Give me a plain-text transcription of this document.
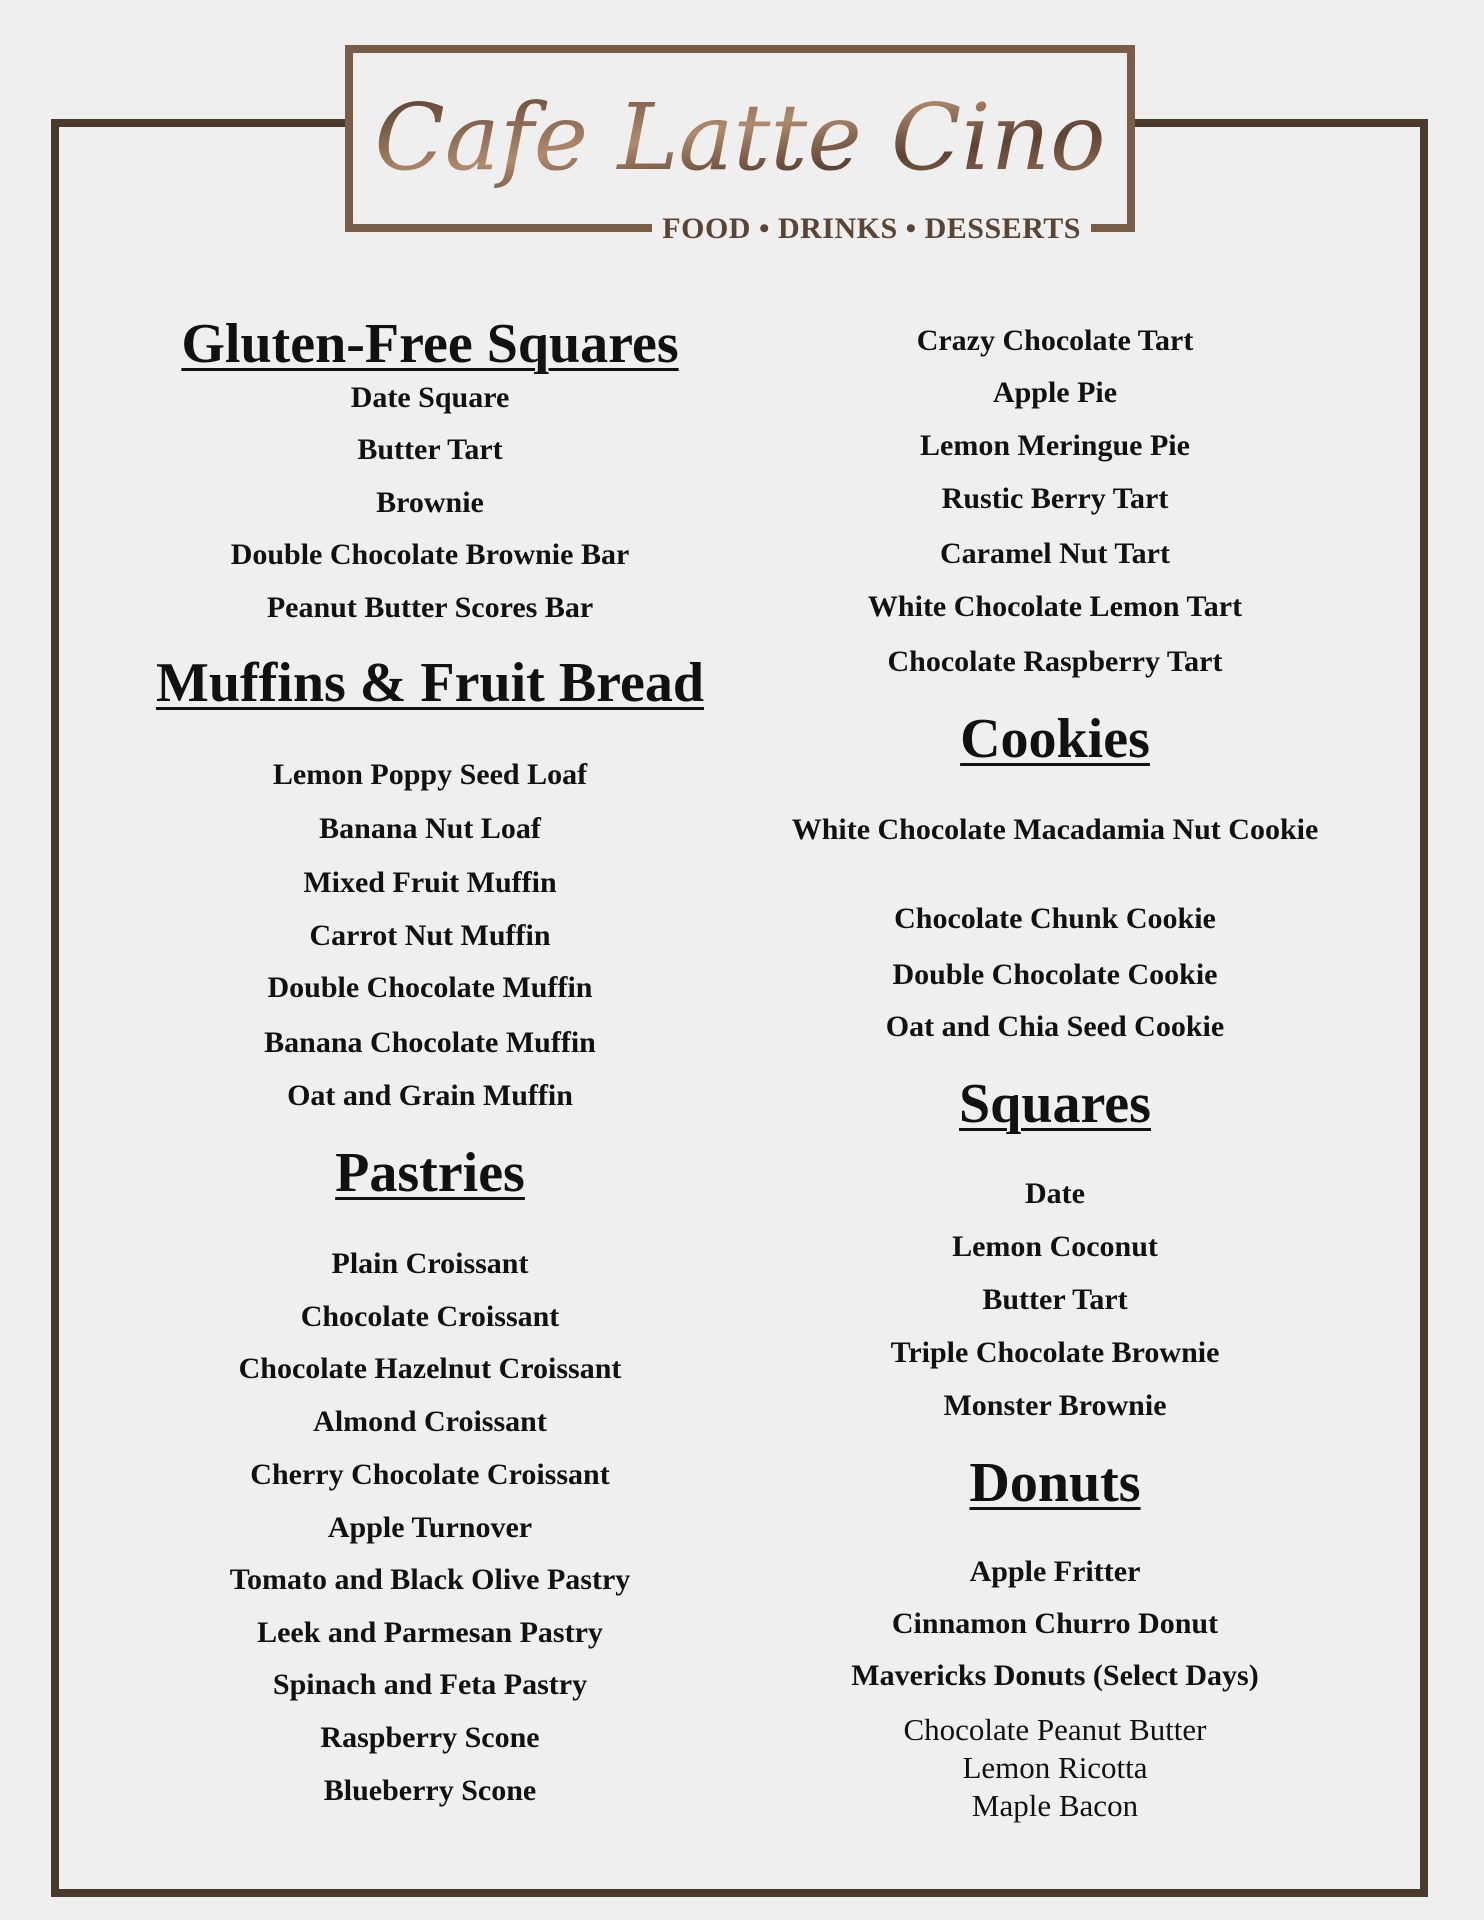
Cafe Latte Cino
FOOD • DRINKS • DESSERTS
Gluten-Free Squares
Date Square
Butter Tart
Brownie
Double Chocolate Brownie Bar
Peanut Butter Scores Bar
Muffins & Fruit Bread
Lemon Poppy Seed Loaf
Banana Nut Loaf
Mixed Fruit Muffin
Carrot Nut Muffin
Double Chocolate Muffin
Banana Chocolate Muffin
Oat and Grain Muffin
Pastries
Plain Croissant
Chocolate Croissant
Chocolate Hazelnut Croissant
Almond Croissant
Cherry Chocolate Croissant
Apple Turnover
Tomato and Black Olive Pastry
Leek and Parmesan Pastry
Spinach and Feta Pastry
Raspberry Scone
Blueberry Scone
Crazy Chocolate Tart
Apple Pie
Lemon Meringue Pie
Rustic Berry Tart
Caramel Nut Tart
White Chocolate Lemon Tart
Chocolate Raspberry Tart
Cookies
White Chocolate Macadamia Nut Cookie
Chocolate Chunk Cookie
Double Chocolate Cookie
Oat and Chia Seed Cookie
Squares
Date
Lemon Coconut
Butter Tart
Triple Chocolate Brownie
Monster Brownie
Donuts
Apple Fritter
Cinnamon Churro Donut
Mavericks Donuts (Select Days)
Chocolate Peanut Butter
Lemon Ricotta
Maple Bacon
